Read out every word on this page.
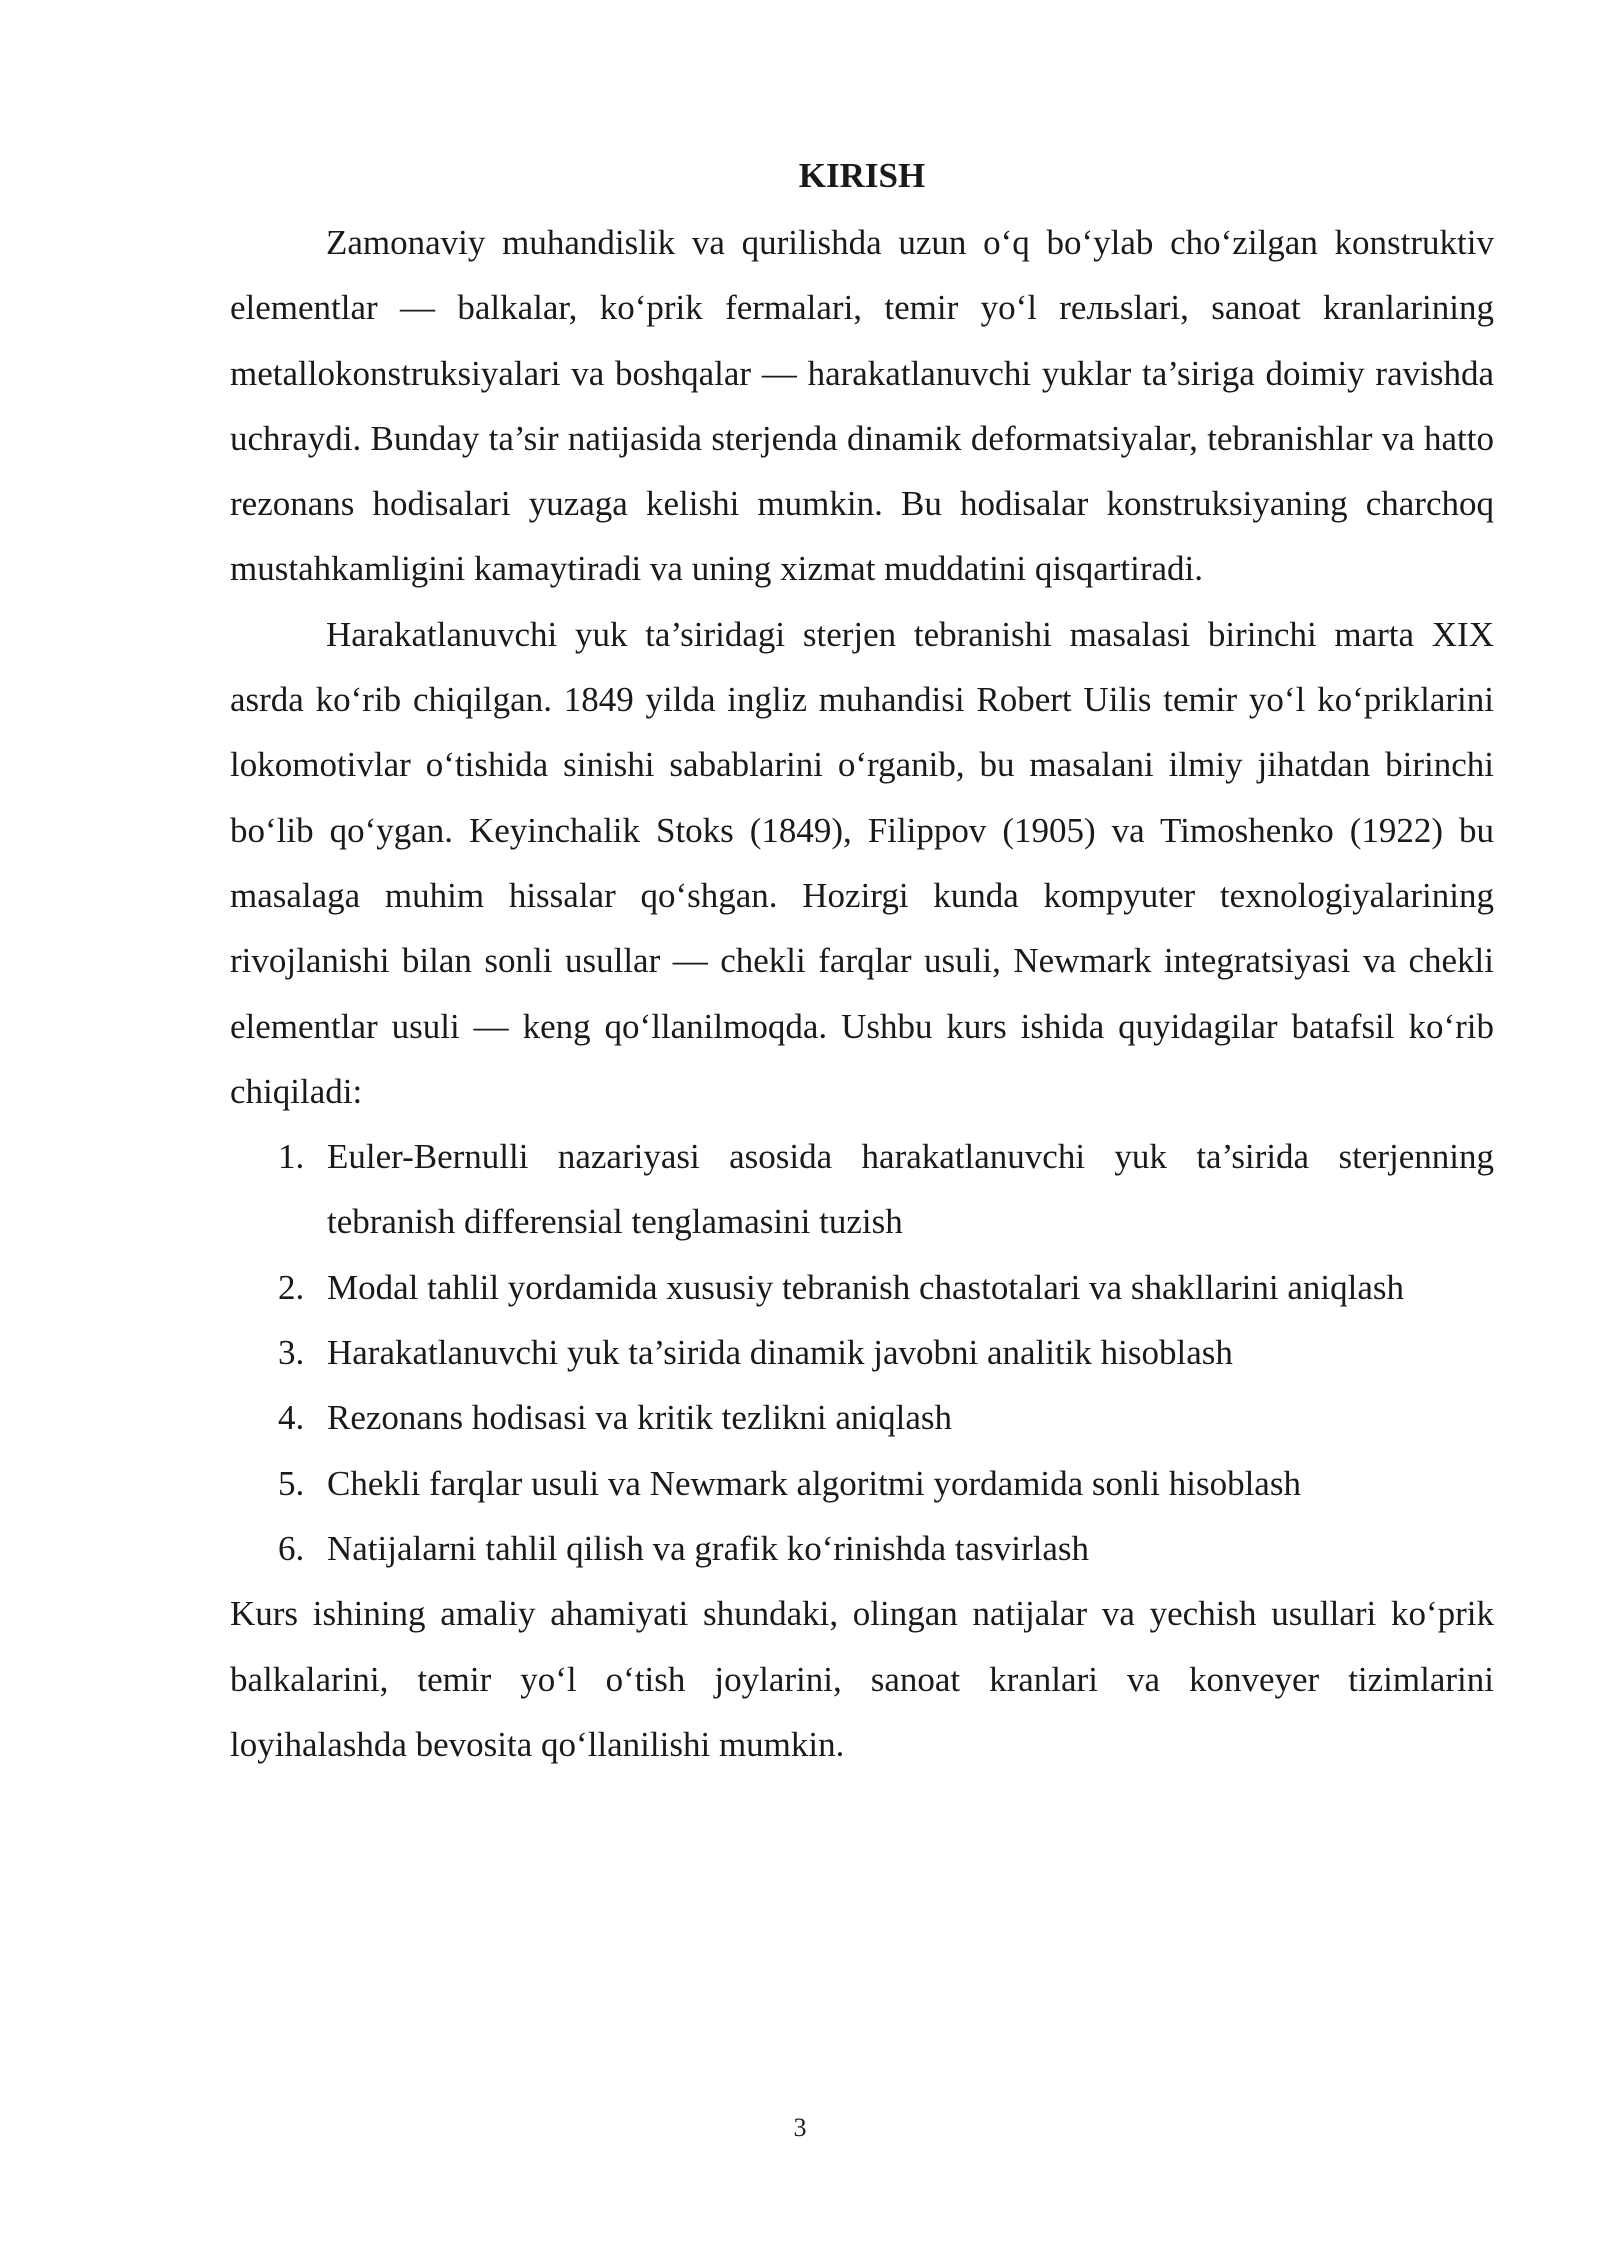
KIRISH

Zamonaviy muhandislik va qurilishda uzun o‘q bo‘ylab cho‘zilgan konstruktiv elementlar — balkalar, ko‘prik fermalari, temir yo‘l reльslari, sanoat kranlarining metallokonstruksiyalari va boshqalar — harakatlanuvchi yuklar ta’siriga doimiy ravishda uchraydi. Bunday ta’sir natijasida sterjenda dinamik deformatsiyalar, tebranishlar va hatto rezonans hodisalari yuzaga kelishi mumkin. Bu hodisalar konstruksiyaning charchoq mustahkamligini kamaytiradi va uning xizmat muddatini qisqartiradi.

Harakatlanuvchi yuk ta’siridagi sterjen tebranishi masalasi birinchi marta XIX asrda ko‘rib chiqilgan. 1849 yilda ingliz muhandisi Robert Uilis temir yo‘l ko‘priklarini lokomotivlar o‘tishida sinishi sabablarini o‘rganib, bu masalani ilmiy jihatdan birinchi bo‘lib qo‘ygan. Keyinchalik Stoks (1849), Filippov (1905) va Timoshenko (1922) bu masalaga muhim hissalar qo‘shgan. Hozirgi kunda kompyuter texnologiyalarining rivojlanishi bilan sonli usullar — chekli farqlar usuli, Newmark integratsiyasi va chekli elementlar usuli — keng qo‘llanilmoqda. Ushbu kurs ishida quyidagilar batafsil ko‘rib chiqiladi:

1. Euler-Bernulli nazariyasi asosida harakatlanuvchi yuk ta’sirida sterjenning tebranish differensial tenglamasini tuzish
2. Modal tahlil yordamida xususiy tebranish chastotalari va shakllarini aniqlash
3. Harakatlanuvchi yuk ta’sirida dinamik javobni analitik hisoblash
4. Rezonans hodisasi va kritik tezlikni aniqlash
5. Chekli farqlar usuli va Newmark algoritmi yordamida sonli hisoblash
6. Natijalarni tahlil qilish va grafik ko‘rinishda tasvirlash

Kurs ishining amaliy ahamiyati shundaki, olingan natijalar va yechish usullari ko‘prik balkalarini, temir yo‘l o‘tish joylarini, sanoat kranlari va konveyer tizimlarini loyihalashda bevosita qo‘llanilishi mumkin.

3
